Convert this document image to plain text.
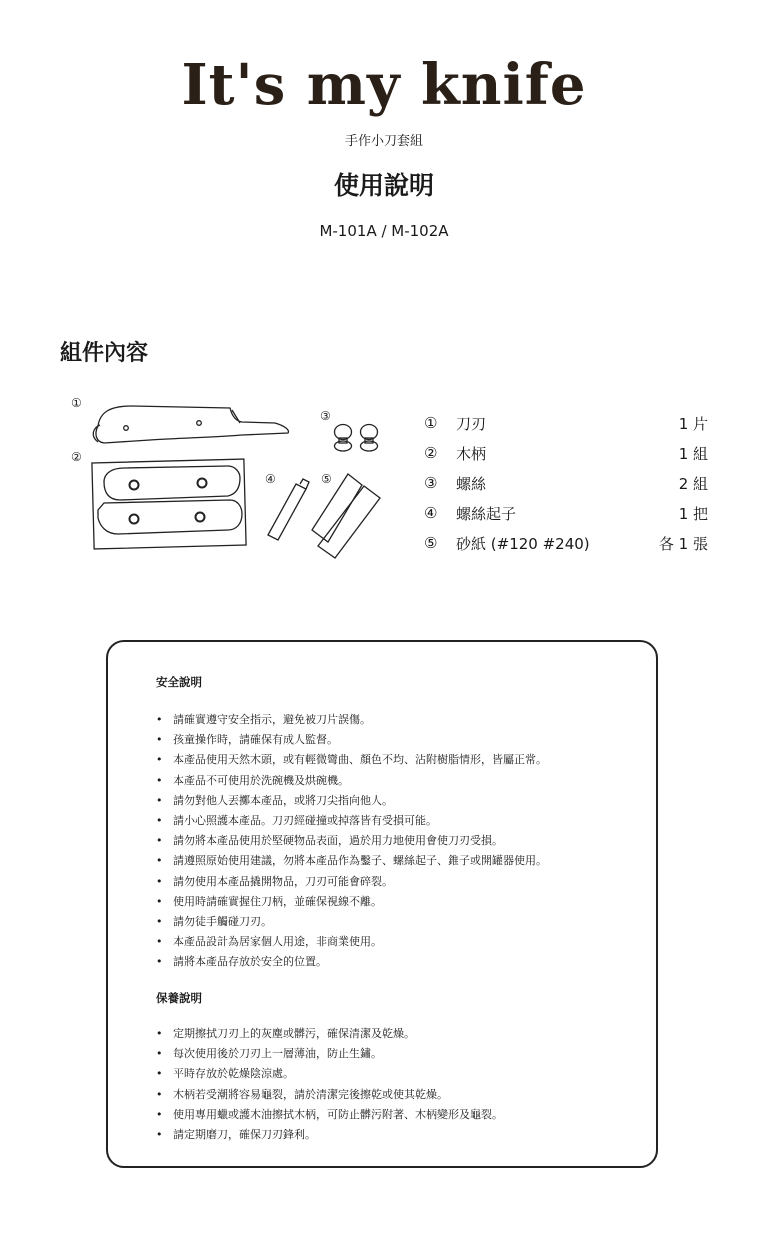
It's my knife
手作小刀套組
使用說明
M-101A / M-102A
組件內容
①
②
③
④	⑤
①	刀刃	1 片
②	木柄	1 組
③	螺絲	2 組
④	螺絲起子	1 把
⑤	砂紙 (#120 #240)	各 1 張
安全說明
• 請確實遵守安全指示，避免被刀片誤傷。
• 孩童操作時，請確保有成人監督。
• 本產品使用天然木頭，或有輕微彎曲、顏色不均、沾附樹脂情形，皆屬正常。
• 本產品不可使用於洗碗機及烘碗機。
• 請勿對他人丟擲本產品，或將刀尖指向他人。
• 請小心照護本產品。刀刃經碰撞或掉落皆有受損可能。
• 請勿將本產品使用於堅硬物品表面，過於用力地使用會使刀刃受損。
• 請遵照原始使用建議，勿將本產品作為鑿子、螺絲起子、錐子或開罐器使用。
• 請勿使用本產品撬開物品，刀刃可能會碎裂。
• 使用時請確實握住刀柄，並確保視線不離。
• 請勿徒手觸碰刀刃。
• 本產品設計為居家個人用途，非商業使用。
• 請將本產品存放於安全的位置。
保養說明
• 定期擦拭刀刃上的灰塵或髒污，確保清潔及乾燥。
• 每次使用後於刀刃上一層薄油，防止生鏽。
• 平時存放於乾燥陰涼處。
• 木柄若受潮將容易龜裂，請於清潔完後擦乾或使其乾燥。
• 使用專用蠟或護木油擦拭木柄，可防止髒污附著、木柄變形及龜裂。
• 請定期磨刀，確保刀刃鋒利。
